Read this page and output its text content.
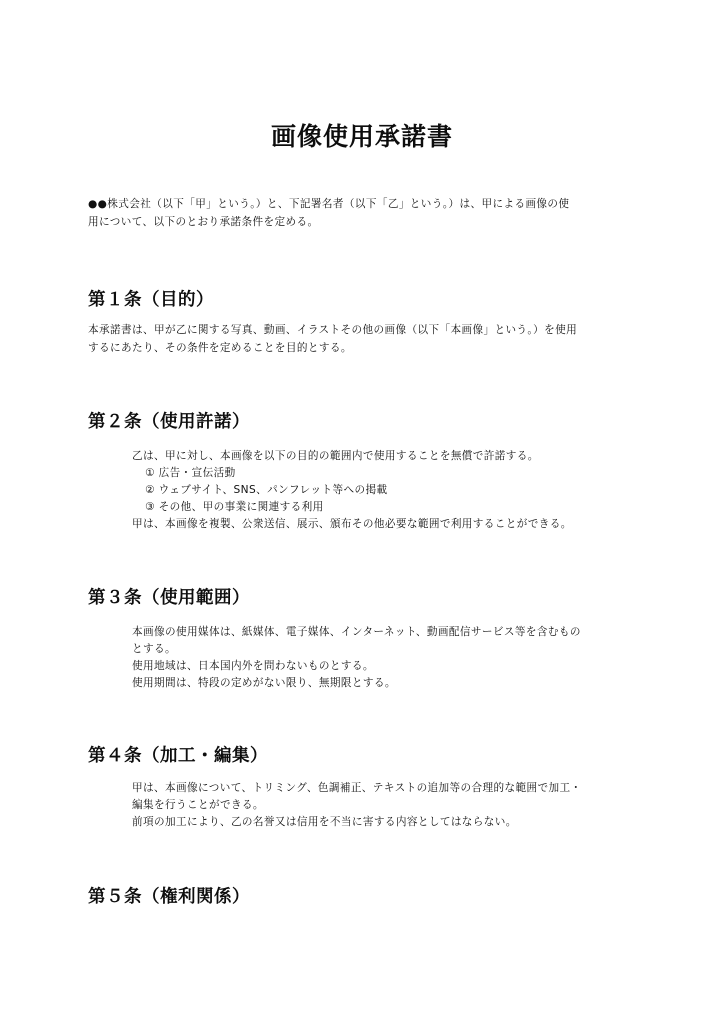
画像使用承諾書
●●株式会社（以下「甲」という。）と、下記署名者（以下「乙」という。）は、甲による画像の使
用について、以下のとおり承諾条件を定める。
第１条（目的）
本承諾書は、甲が乙に関する写真、動画、イラストその他の画像（以下「本画像」という。）を使用
するにあたり、その条件を定めることを目的とする。
第２条（使用許諾）
乙は、甲に対し、本画像を以下の目的の範囲内で使用することを無償で許諾する。
① 広告・宣伝活動
② ウェブサイト、SNS、パンフレット等への掲載
③ その他、甲の事業に関連する利用
甲は、本画像を複製、公衆送信、展示、頒布その他必要な範囲で利用することができる。
第３条（使用範囲）
本画像の使用媒体は、紙媒体、電子媒体、インターネット、動画配信サービス等を含むもの
とする。
使用地域は、日本国内外を問わないものとする。
使用期間は、特段の定めがない限り、無期限とする。
第４条（加工・編集）
甲は、本画像について、トリミング、色調補正、テキストの追加等の合理的な範囲で加工・
編集を行うことができる。
前項の加工により、乙の名誉又は信用を不当に害する内容としてはならない。
第５条（権利関係）
